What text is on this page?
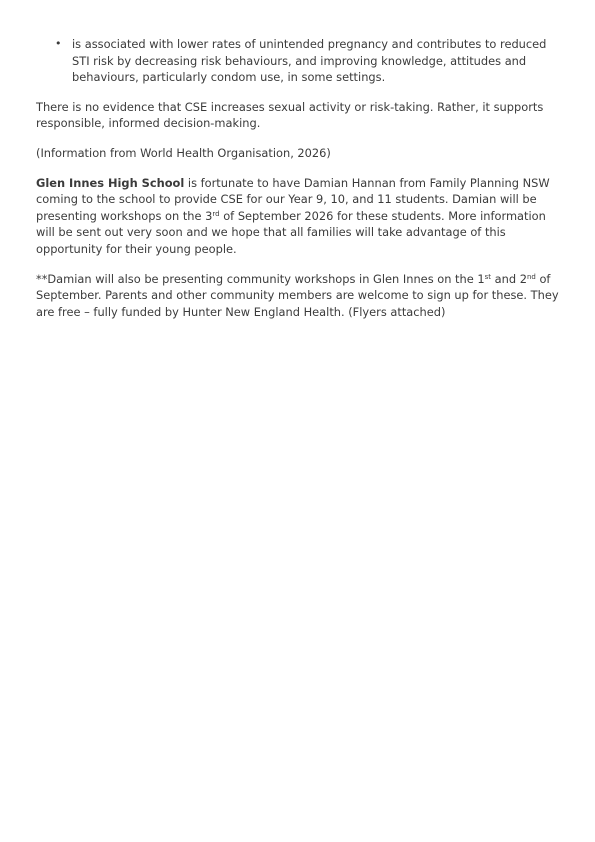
• is associated with lower rates of unintended pregnancy and contributes to reduced STI risk by decreasing risk behaviours, and improving knowledge, attitudes and behaviours, particularly condom use, in some settings.

There is no evidence that CSE increases sexual activity or risk-taking. Rather, it supports responsible, informed decision-making.

(Information from World Health Organisation, 2026)

Glen Innes High School is fortunate to have Damian Hannan from Family Planning NSW coming to the school to provide CSE for our Year 9, 10, and 11 students. Damian will be presenting workshops on the 3rd of September 2026 for these students. More information will be sent out very soon and we hope that all families will take advantage of this opportunity for their young people.

**Damian will also be presenting community workshops in Glen Innes on the 1st and 2nd of September. Parents and other community members are welcome to sign up for these. They are free – fully funded by Hunter New England Health. (Flyers attached)
